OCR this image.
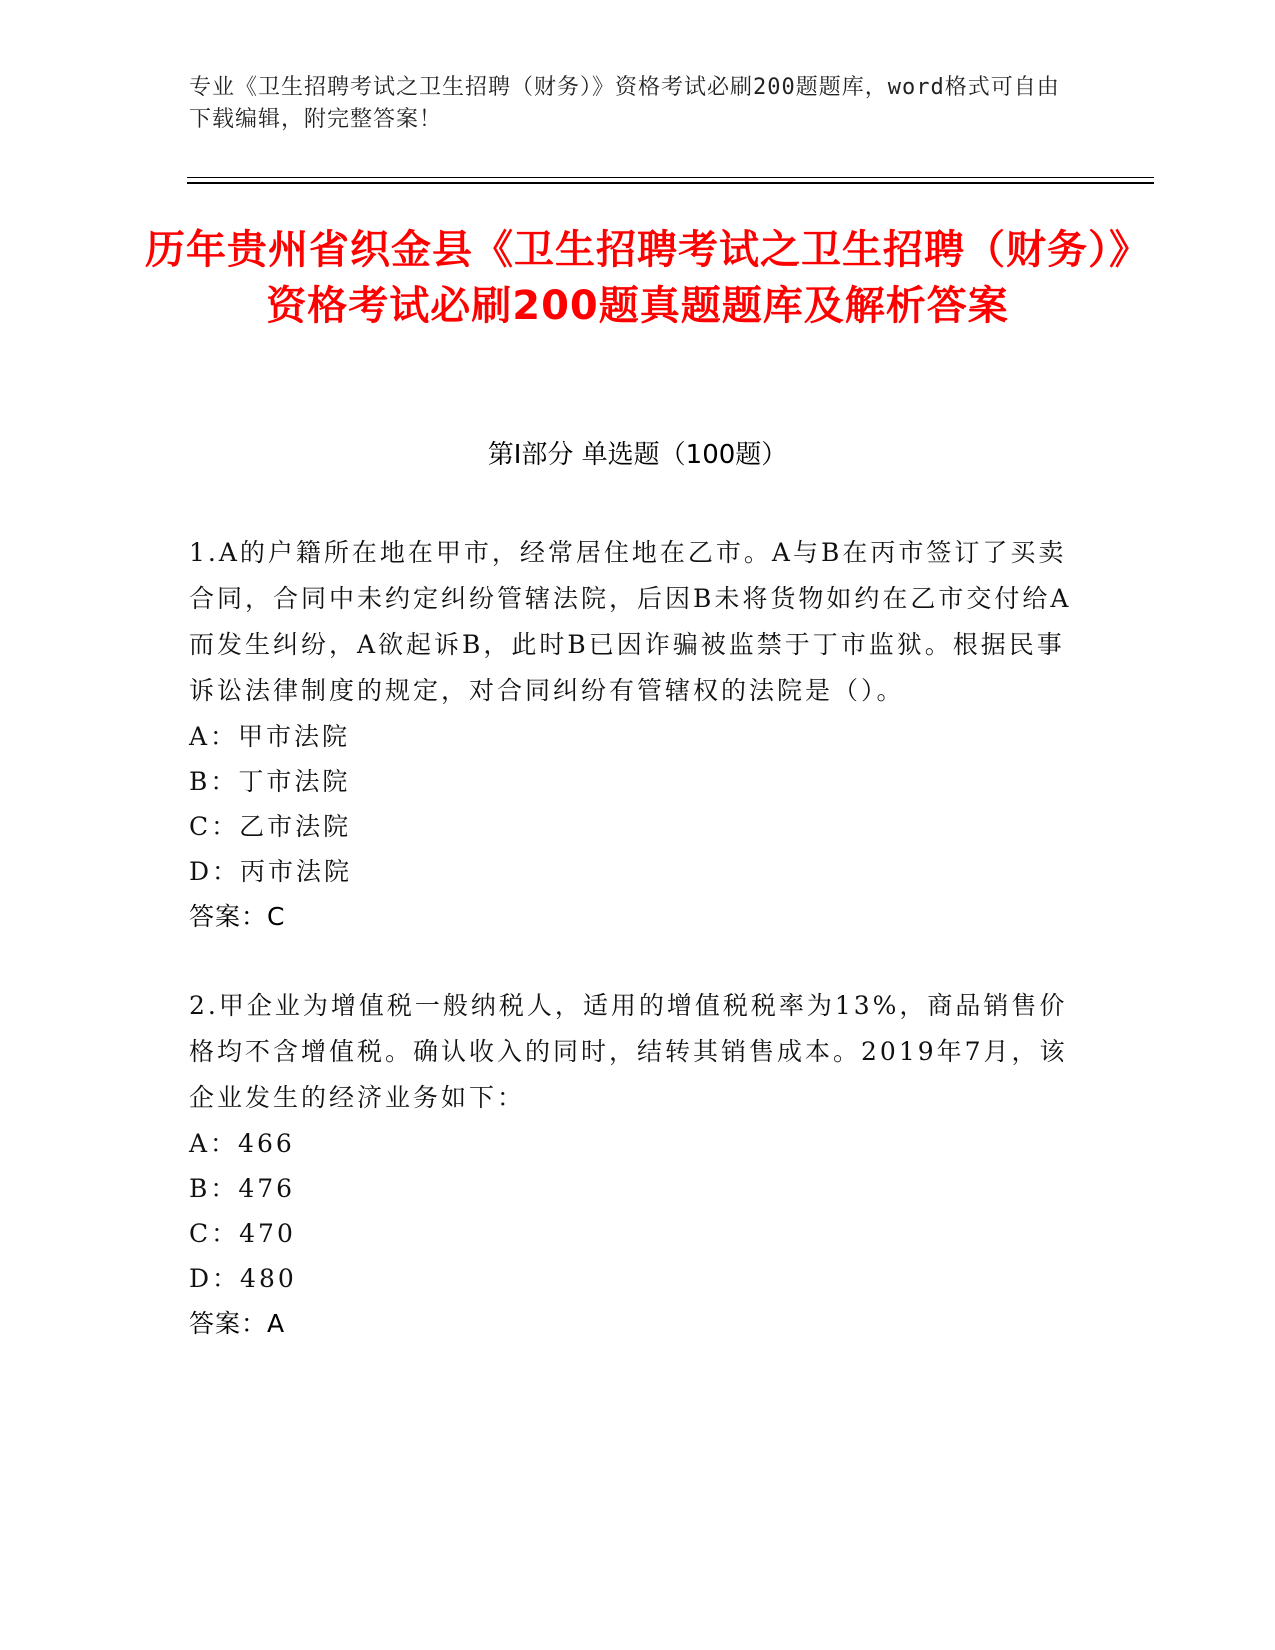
专业《卫生招聘考试之卫生招聘（财务）》资格考试必刷200题题库，word格式可自由下载编辑，附完整答案！
历年贵州省织金县《卫生招聘考试之卫生招聘（财务）》资格考试必刷200题真题题库及解析答案
第Ⅰ部分 单选题（100题）

1.A的户籍所在地在甲市，经常居住地在乙市。A与B在丙市签订了买卖合同，合同中未约定纠纷管辖法院，后因B未将货物如约在乙市交付给A而发生纠纷，A欲起诉B，此时B已因诈骗被监禁于丁市监狱。根据民事诉讼法律制度的规定，对合同纠纷有管辖权的法院是（）。

A：甲市法院
B：丁市法院
C：乙市法院
D：丙市法院
答案：C

2.甲企业为增值税一般纳税人，适用的增值税税率为13%，商品销售价格均不含增值税。确认收入的同时，结转其销售成本。2019年7月，该企业发生的经济业务如下：

A：466
B：476
C：470
D：480
答案：A
